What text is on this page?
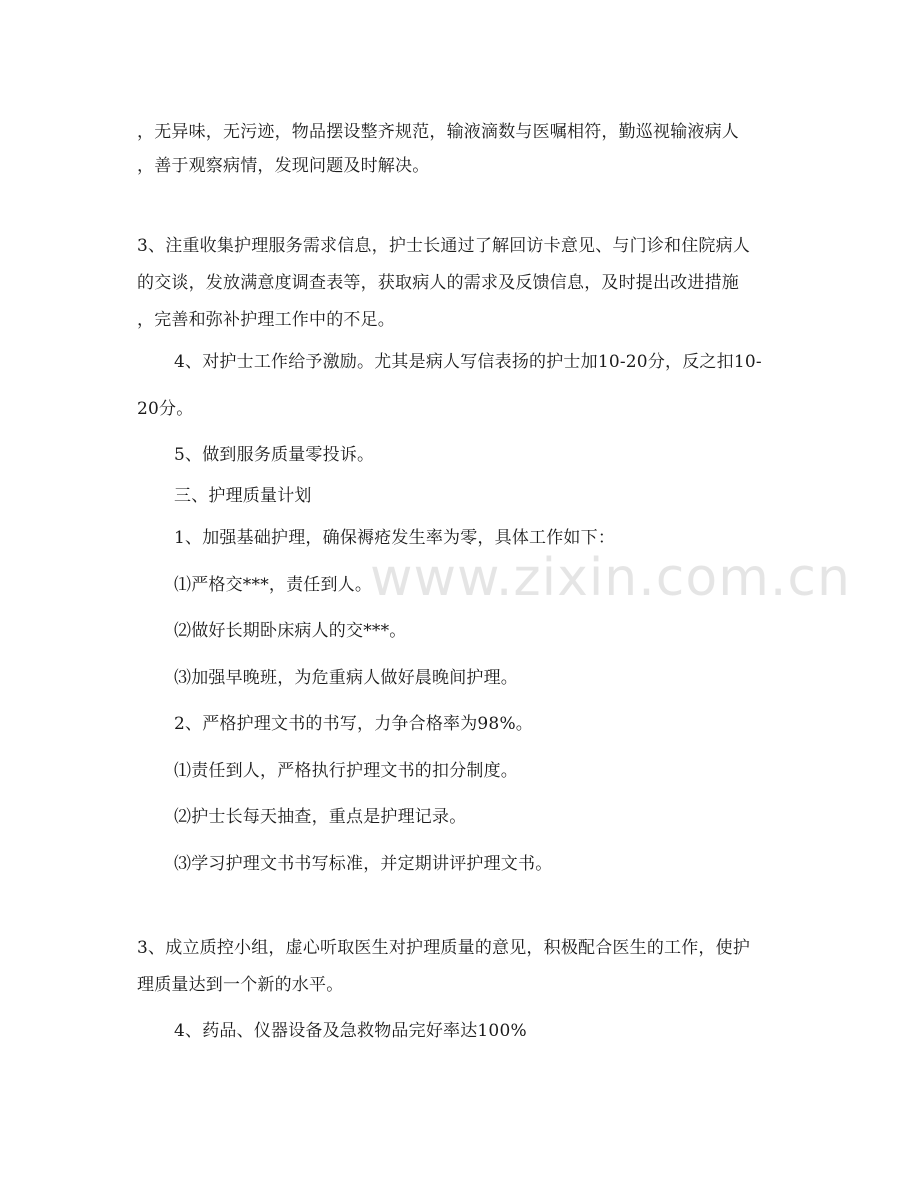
，无异味，无污迹，物品摆设整齐规范，输液滴数与医嘱相符，勤巡视输液病人
，善于观察病情，发现问题及时解决。
3、注重收集护理服务需求信息，护士长通过了解回访卡意见、与门诊和住院病人
的交谈，发放满意度调查表等，获取病人的需求及反馈信息，及时提出改进措施
，完善和弥补护理工作中的不足。
4、对护士工作给予激励。尤其是病人写信表扬的护士加10-20分，反之扣10-
20分。
5、做到服务质量零投诉。
三、护理质量计划
1、加强基础护理，确保褥疮发生率为零，具体工作如下：
⑴严格交***，责任到人。
⑵做好长期卧床病人的交***。
⑶加强早晚班，为危重病人做好晨晚间护理。
2、严格护理文书的书写，力争合格率为98%。
⑴责任到人，严格执行护理文书的扣分制度。
⑵护士长每天抽查，重点是护理记录。
⑶学习护理文书书写标准，并定期讲评护理文书。
3、成立质控小组，虚心听取医生对护理质量的意见，积极配合医生的工作，使护
理质量达到一个新的水平。
4、药品、仪器设备及急救物品完好率达100%
www.zixin.com.cn
